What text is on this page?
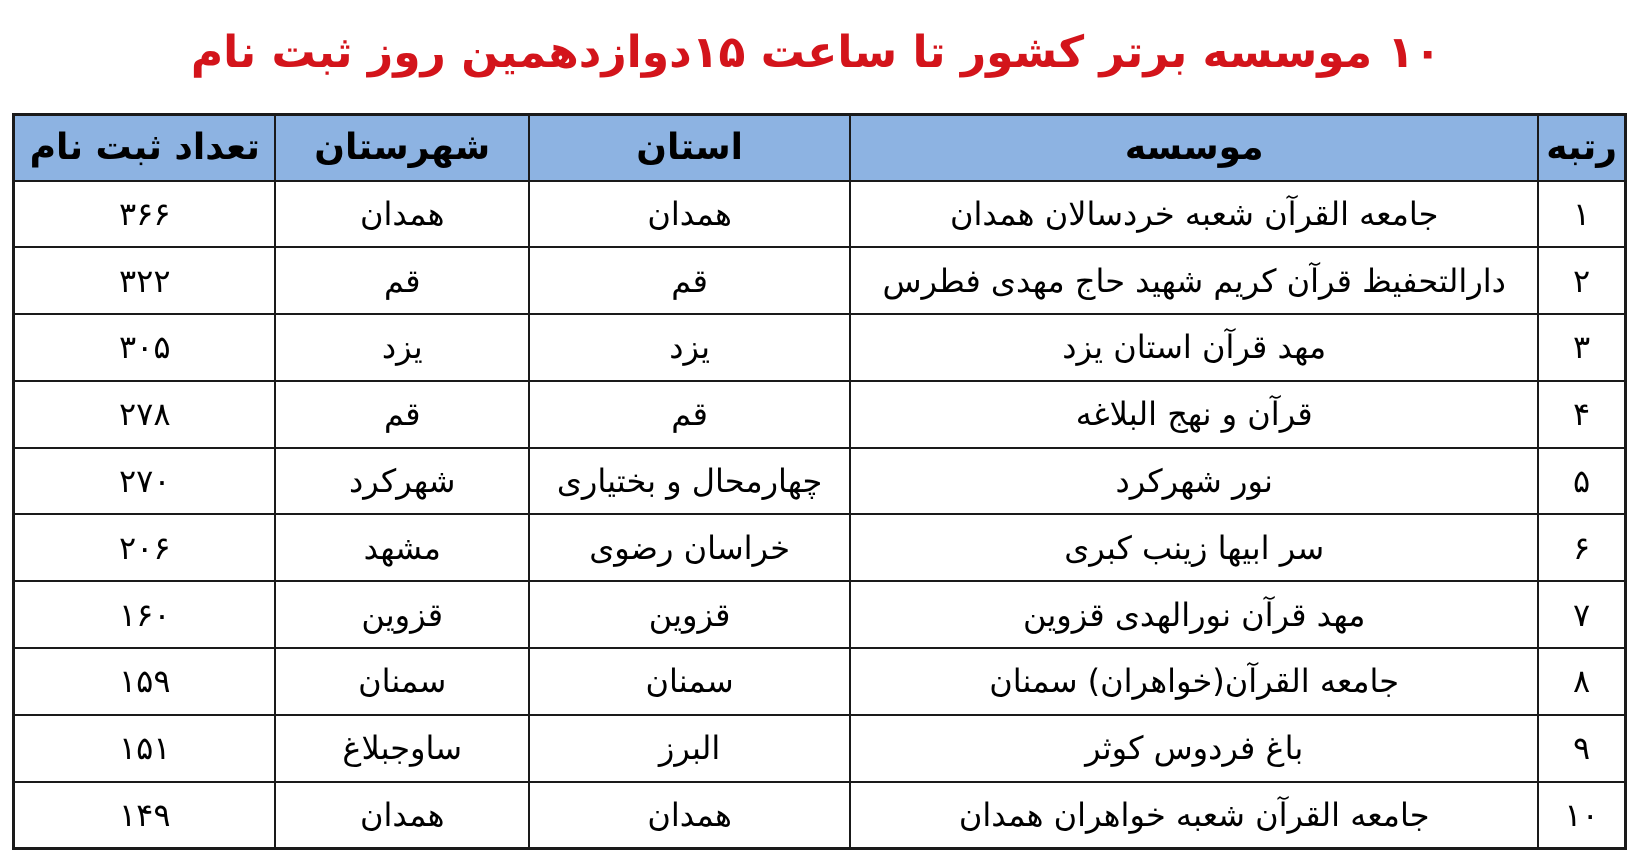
۱۰ موسسه برتر کشور تا ساعت ۱۵دوازدهمین روز ثبت نام
رتبه	موسسه	استان	شهرستان	تعداد ثبت نام
۱	جامعه القرآن شعبه خردسالان همدان	همدان	همدان	۳۶۶
۲	دارالتحفیظ قرآن کریم شهید حاج مهدی فطرس	قم	قم	۳۲۲
۳	مهد قرآن استان یزد	یزد	یزد	۳۰۵
۴	قرآن و نهج البلاغه	قم	قم	۲۷۸
۵	نور شهرکرد	چهارمحال و بختیاری	شهرکرد	۲۷۰
۶	سر ابیها زینب کبری	خراسان رضوی	مشهد	۲۰۶
۷	مهد قرآن نورالهدی قزوین	قزوین	قزوین	۱۶۰
۸	جامعه القرآن(خواهران) سمنان	سمنان	سمنان	۱۵۹
۹	باغ فردوس کوثر	البرز	ساوجبلاغ	۱۵۱
۱۰	جامعه القرآن شعبه خواهران همدان	همدان	همدان	۱۴۹
